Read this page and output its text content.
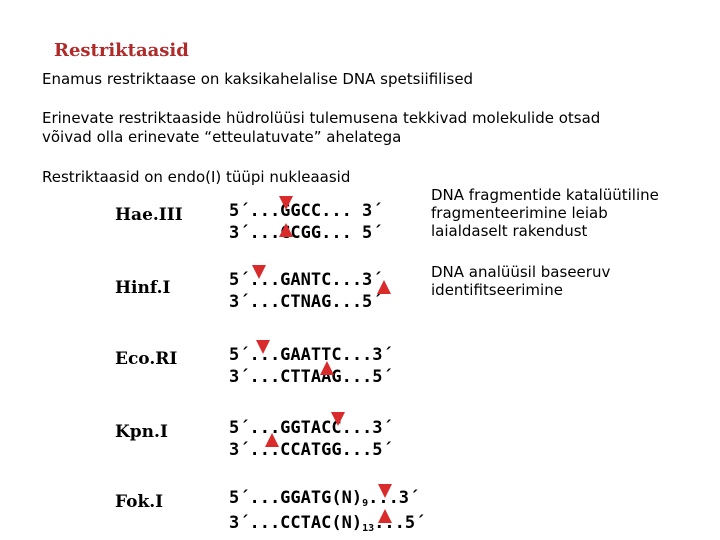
Restriktaasid
Enamus restriktaase on kaksikahelalise DNA spetsiifilised
Erinevate restriktaaside hüdrolüüsi tulemusena tekkivad molekulide otsad
võivad olla erinevate “etteulatuvate” ahelatega
Restriktaasid on endo(I) tüüpi nukleaasid
Hae.III	5´...GGCC... 3´
3´...CCGG... 5´
Hinf.I	5´...GANTC...3´
3´...CTNAG...5´
Eco.RI	5´...GAATTC...3´
3´...CTTAAG...5´
Kpn.I	5´...GGTACC...3´
3´...CCATGG...5´
Fok.I	$5´...GGATG(N)_9...3´$
$3´...CCTAC(N)_{13}...5´$
DNA fragmentide katalüütiline
fragmenteerimine leiab
laialdaselt rakendust
DNA analüüsil baseeruv
identifitseerimine
